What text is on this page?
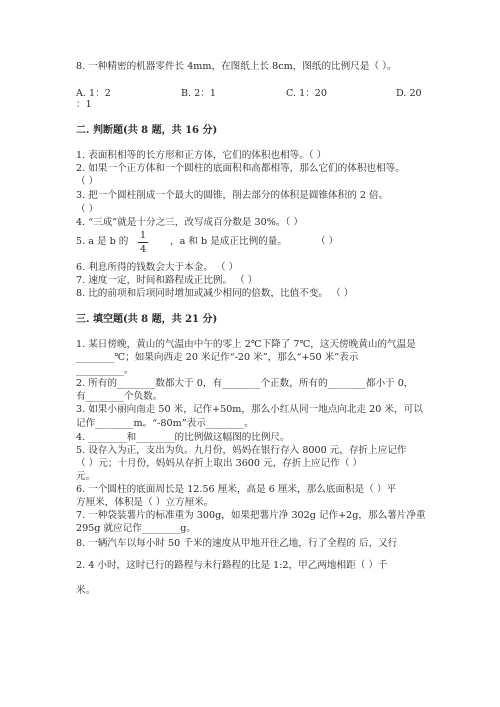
8. 一种精密的机器零件长 4mm，在图纸上长 8cm，图纸的比例尺是（ ）。
A. 1：2	B. 2：1	C. 1：20	D. 20
：1
二. 判断题(共 8 题，共 16 分)
1. 表面积相等的长方形和正方体，它们的体积也相等。（ ）
2. 如果一个正方体和一个圆柱的底面积和高都相等，那么它们的体积也相等。
（ ）
3. 把一个圆柱削成一个最大的圆锥，削去部分的体积是圆锥体积的 2 倍。
（ ）
4. “三成”就是十分之三，改写成百分数是 30%。（ ）
5. a 是 b 的
1
4
，a 和 b 是成正比例的量。	（ ）
6. 利息所得的钱数会大于本金。 （ ）
7. 速度一定，时间和路程成正比例。 （ ）
8. 比的前项和后项同时增加或减少相同的倍数，比值不变。 （ ）
三. 填空题(共 8 题，共 21 分)
1. 某日傍晚，黄山的气温由中午的零上 2℃下降了 7℃，这天傍晚黄山的气温是
________℃；如果向西走 20 米记作“-20 米”，那么“+50 米”表示
__________。
2. 所有的________数都大于 0，有________个正数，所有的________都小于 0，
有________个负数。
3. 如果小丽向南走 50 米，记作+50m，那么小红从同一地点向北走 20 米，可以
记作________m。“-80m”表示________。
4. ________和________的比例做这幅图的比例尺。
5. 设存入为正，支出为负。九月份，妈妈在银行存入 8000 元，存折上应记作
（ ）元；十月份，妈妈从存折上取出 3600 元，存折上应记作（ ）
元。
6. 一个圆柱的底面周长是 12.56 厘米，高是 6 厘米，那么底面积是（ ）平
方厘米，体积是（ ）立方厘米。
7. 一种袋装薯片的标准重为 300g，如果把薯片净 302g 记作+2g，那么薯片净重
295g 就应记作________g。
8. 一辆汽车以每小时 50 千米的速度从甲地开往乙地，行了全程的 后，又行
2. 4 小时，这时已行的路程与未行路程的比是 1:2，甲乙两地相距（ ）千
米。
